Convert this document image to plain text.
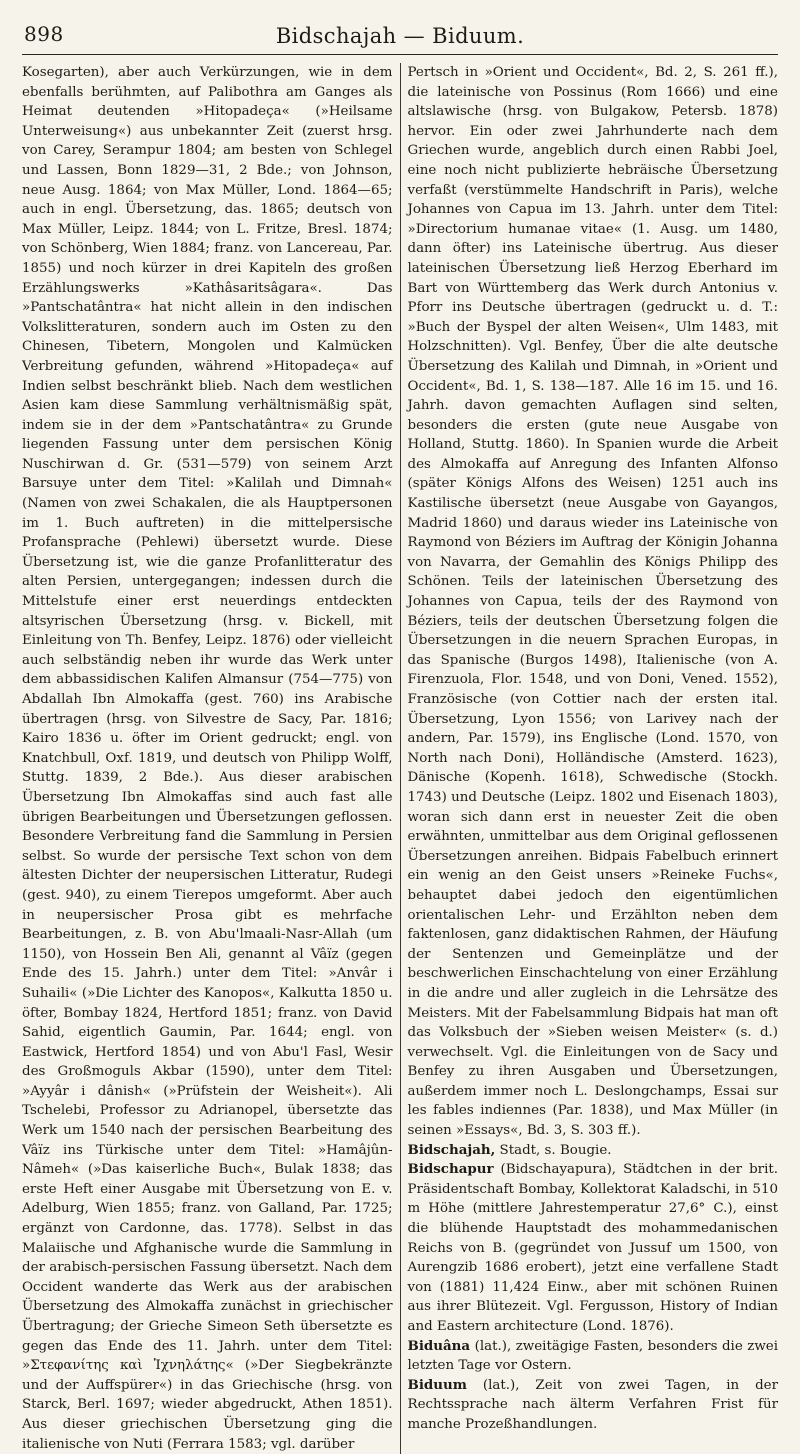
898	Bidschajah — Biduum.

Kosegarten), aber auch Verkürzungen, wie in dem ebenfalls berühmten, auf Palibothra am Ganges als Heimat deutenden »Hitopadeça« (»Heilsame Unterweisung«) aus unbekannter Zeit (zuerst hrsg. von Carey, Serampur 1804; am besten von Schlegel und Lassen, Bonn 1829—31, 2 Bde.; von Johnson, neue Ausg. 1864; von Max Müller, Lond. 1864—65; auch in engl. Übersetzung, das. 1865; deutsch von Max Müller, Leipz. 1844; von L. Fritze, Bresl. 1874; von Schönberg, Wien 1884; franz. von Lancereau, Par. 1855) und noch kürzer in drei Kapiteln des großen Erzählungswerks »Kathâsaritsâgara«. Das »Pantschatântra« hat nicht allein in den indischen Volkslitteraturen, sondern auch im Osten zu den Chinesen, Tibetern, Mongolen und Kalmücken Verbreitung gefunden, während »Hitopadeça« auf Indien selbst beschränkt blieb. Nach dem westlichen Asien kam diese Sammlung verhältnismäßig spät, indem sie in der dem »Pantschatântra« zu Grunde liegenden Fassung unter dem persischen König Nuschirwan d. Gr. (531—579) von seinem Arzt Barsuye unter dem Titel: »Kalilah und Dimnah« (Namen von zwei Schakalen, die als Hauptpersonen im 1. Buch auftreten) in die mittelpersische Profansprache (Pehlewi) übersetzt wurde. Diese Übersetzung ist, wie die ganze Profanlitteratur des alten Persien, untergegangen; indessen durch die Mittelstufe einer erst neuerdings entdeckten altsyrischen Übersetzung (hrsg. v. Bickell, mit Einleitung von Th. Benfey, Leipz. 1876) oder vielleicht auch selbständig neben ihr wurde das Werk unter dem abbassidischen Kalifen Almansur (754—775) von Abdallah Ibn Almokaffa (gest. 760) ins Arabische übertragen (hrsg. von Silvestre de Sacy, Par. 1816; Kairo 1836 u. öfter im Orient gedruckt; engl. von Knatchbull, Oxf. 1819, und deutsch von Philipp Wolff, Stuttg. 1839, 2 Bde.). Aus dieser arabischen Übersetzung Ibn Almokaffas sind auch fast alle übrigen Bearbeitungen und Übersetzungen geflossen. Besondere Verbreitung fand die Sammlung in Persien selbst. So wurde der persische Text schon von dem ältesten Dichter der neupersischen Litteratur, Rudegi (gest. 940), zu einem Tierepos umgeformt. Aber auch in neupersischer Prosa gibt es mehrfache Bearbeitungen, z. B. von Abu'lmaali-Nasr-Allah (um 1150), von Hossein Ben Ali, genannt al Vâïz (gegen Ende des 15. Jahrh.) unter dem Titel: »Anvâr i Suhaili« (»Die Lichter des Kanopos«, Kalkutta 1850 u. öfter, Bombay 1824, Hertford 1851; franz. von David Sahid, eigentlich Gaumin, Par. 1644; engl. von Eastwick, Hertford 1854) und von Abu'l Fasl, Wesir des Großmoguls Akbar (1590), unter dem Titel: »Ayyâr i dânish« (»Prüfstein der Weisheit«). Ali Tschelebi, Professor zu Adrianopel, übersetzte das Werk um 1540 nach der persischen Bearbeitung des Vâïz ins Türkische unter dem Titel: »Hamâjûn-Nâmeh« (»Das kaiserliche Buch«, Bulak 1838; das erste Heft einer Ausgabe mit Übersetzung von E. v. Adelburg, Wien 1855; franz. von Galland, Par. 1725; ergänzt von Cardonne, das. 1778). Selbst in das Malaiische und Afghanische wurde die Sammlung in der arabisch-persischen Fassung übersetzt. Nach dem Occident wanderte das Werk aus der arabischen Übersetzung des Almokaffa zunächst in griechischer Übertragung; der Grieche Simeon Seth übersetzte es gegen das Ende des 11. Jahrh. unter dem Titel: »Στεφανίτης καὶ Ἰχνηλάτης« (»Der Siegbekränzte und der Auffspürer«) in das Griechische (hrsg. von Starck, Berl. 1697; wieder abgedruckt, Athen 1851). Aus dieser griechischen Übersetzung ging die italienische von Nuti (Ferrara 1583; vgl. darüber

Pertsch in »Orient und Occident«, Bd. 2, S. 261 ff.), die lateinische von Possinus (Rom 1666) und eine altslawische (hrsg. von Bulgakow, Petersb. 1878) hervor. Ein oder zwei Jahrhunderte nach dem Griechen wurde, angeblich durch einen Rabbi Joel, eine noch nicht publizierte hebräische Übersetzung verfaßt (verstümmelte Handschrift in Paris), welche Johannes von Capua im 13. Jahrh. unter dem Titel: »Directorium humanae vitae« (1. Ausg. um 1480, dann öfter) ins Lateinische übertrug. Aus dieser lateinischen Übersetzung ließ Herzog Eberhard im Bart von Württemberg das Werk durch Antonius v. Pforr ins Deutsche übertragen (gedruckt u. d. T.: »Buch der Byspel der alten Weisen«, Ulm 1483, mit Holzschnitten). Vgl. Benfey, Über die alte deutsche Übersetzung des Kalilah und Dimnah, in »Orient und Occident«, Bd. 1, S. 138—187. Alle 16 im 15. und 16. Jahrh. davon gemachten Auflagen sind selten, besonders die ersten (gute neue Ausgabe von Holland, Stuttg. 1860). In Spanien wurde die Arbeit des Almokaffa auf Anregung des Infanten Alfonso (später Königs Alfons des Weisen) 1251 auch ins Kastilische übersetzt (neue Ausgabe von Gayangos, Madrid 1860) und daraus wieder ins Lateinische von Raymond von Béziers im Auftrag der Königin Johanna von Navarra, der Gemahlin des Königs Philipp des Schönen. Teils der lateinischen Übersetzung des Johannes von Capua, teils der des Raymond von Béziers, teils der deutschen Übersetzung folgen die Übersetzungen in die neuern Sprachen Europas, in das Spanische (Burgos 1498), Italienische (von A. Firenzuola, Flor. 1548, und von Doni, Vened. 1552), Französische (von Cottier nach der ersten ital. Übersetzung, Lyon 1556; von Larivey nach der andern, Par. 1579), ins Englische (Lond. 1570, von North nach Doni), Holländische (Amsterd. 1623), Dänische (Kopenh. 1618), Schwedische (Stockh. 1743) und Deutsche (Leipz. 1802 und Eisenach 1803), woran sich dann erst in neuester Zeit die oben erwähnten, unmittelbar aus dem Original geflossenen Übersetzungen anreihen. Bidpais Fabelbuch erinnert ein wenig an den Geist unsers »Reineke Fuchs«, behauptet dabei jedoch den eigentümlichen orientalischen Lehr- und Erzählton neben dem faktenlosen, ganz didaktischen Rahmen, der Häufung der Sentenzen und Gemeinplätze und der beschwerlichen Einschachtelung von einer Erzählung in die andre und aller zugleich in die Lehrsätze des Meisters. Mit der Fabelsammlung Bidpais hat man oft das Volksbuch der »Sieben weisen Meister« (s. d.) verwechselt. Vgl. die Einleitungen von de Sacy und Benfey zu ihren Ausgaben und Übersetzungen, außerdem immer noch L. Deslongchamps, Essai sur les fables indiennes (Par. 1838), und Max Müller (in seinen »Essays«, Bd. 3, S. 303 ff.).

Bidschajah, Stadt, s. Bougie.

Bidschapur (Bidschayapura), Städtchen in der brit. Präsidentschaft Bombay, Kollektorat Kaladschi, in 510 m Höhe (mittlere Jahrestemperatur 27,6° C.), einst die blühende Hauptstadt des mohammedanischen Reichs von B. (gegründet von Jussuf um 1500, von Aurengzib 1686 erobert), jetzt eine verfallene Stadt von (1881) 11,424 Einw., aber mit schönen Ruinen aus ihrer Blütezeit. Vgl. Fergusson, History of Indian and Eastern architecture (Lond. 1876).

Biduâna (lat.), zweitägige Fasten, besonders die zwei letzten Tage vor Ostern.

Biduum (lat.), Zeit von zwei Tagen, in der Rechtssprache nach älterm Verfahren Frist für manche Prozeßhandlungen.
